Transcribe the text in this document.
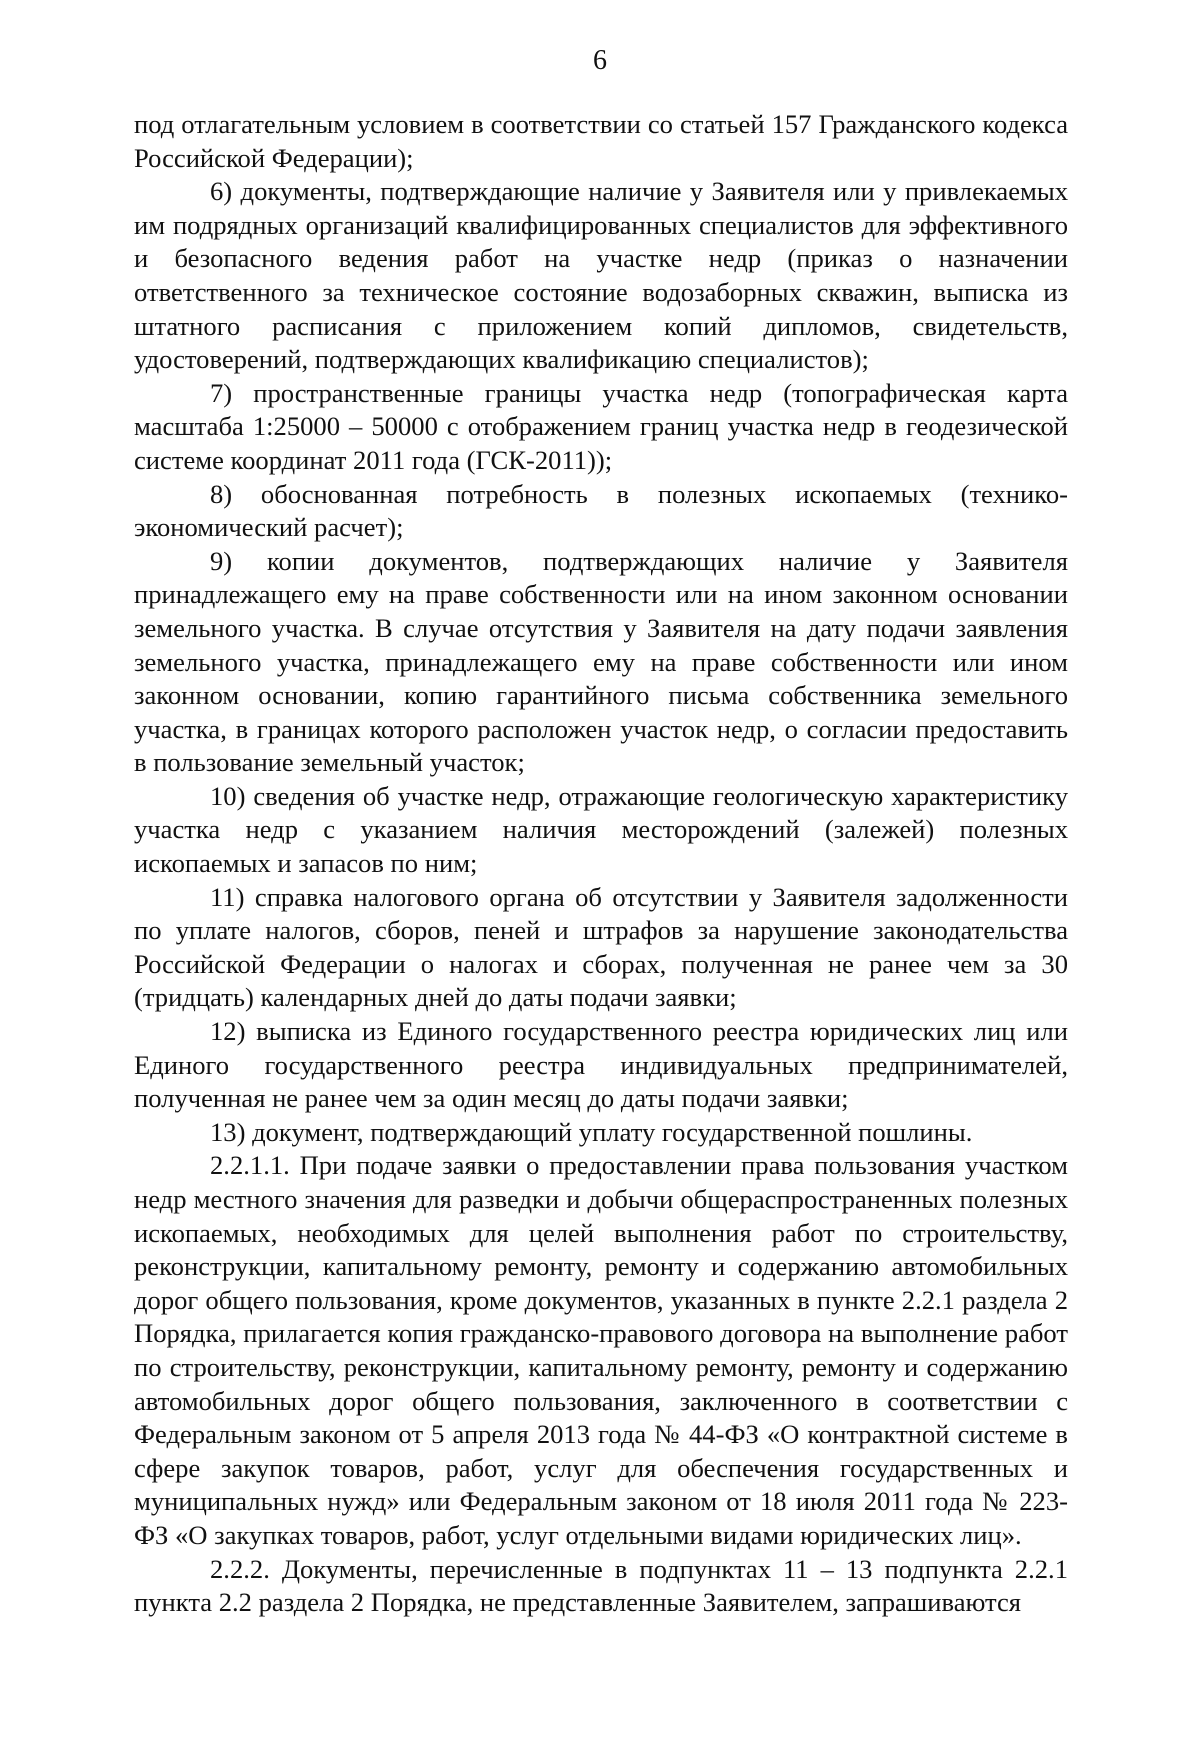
6

под отлагательным условием в соответствии со статьей 157 Гражданского кодекса Российской Федерации);

6) документы, подтверждающие наличие у Заявителя или у привлекаемых им подрядных организаций квалифицированных специалистов для эффективного и безопасного ведения работ на участке недр (приказ о назначении ответственного за техническое состояние водозаборных скважин, выписка из штатного расписания с приложением копий дипломов, свидетельств, удостоверений, подтверждающих квалификацию специалистов);

7) пространственные границы участка недр (топографическая карта масштаба 1:25000 – 50000 с отображением границ участка недр в геодезической системе координат 2011 года (ГСК-2011));

8) обоснованная потребность в полезных ископаемых (технико-экономический расчет);

9) копии документов, подтверждающих наличие у Заявителя принадлежащего ему на праве собственности или на ином законном основании земельного участка. В случае отсутствия у Заявителя на дату подачи заявления земельного участка, принадлежащего ему на праве собственности или ином законном основании, копию гарантийного письма собственника земельного участка, в границах которого расположен участок недр, о согласии предоставить в пользование земельный участок;

10) сведения об участке недр, отражающие геологическую характеристику участка недр с указанием наличия месторождений (залежей) полезных ископаемых и запасов по ним;

11) справка налогового органа об отсутствии у Заявителя задолженности по уплате налогов, сборов, пеней и штрафов за нарушение законодательства Российской Федерации о налогах и сборах, полученная не ранее чем за 30 (тридцать) календарных дней до даты подачи заявки;

12) выписка из Единого государственного реестра юридических лиц или Единого государственного реестра индивидуальных предпринимателей, полученная не ранее чем за один месяц до даты подачи заявки;

13) документ, подтверждающий уплату государственной пошлины.

2.2.1.1. При подаче заявки о предоставлении права пользования участком недр местного значения для разведки и добычи общераспространенных полезных ископаемых, необходимых для целей выполнения работ по строительству, реконструкции, капитальному ремонту, ремонту и содержанию автомобильных дорог общего пользования, кроме документов, указанных в пункте 2.2.1 раздела 2 Порядка, прилагается копия гражданско-правового договора на выполнение работ по строительству, реконструкции, капитальному ремонту, ремонту и содержанию автомобильных дорог общего пользования, заключенного в соответствии с Федеральным законом от 5 апреля 2013 года № 44-ФЗ «О контрактной системе в сфере закупок товаров, работ, услуг для обеспечения государственных и муниципальных нужд» или Федеральным законом от 18 июля 2011 года № 223-ФЗ «О закупках товаров, работ, услуг отдельными видами юридических лиц».

2.2.2. Документы, перечисленные в подпунктах 11 – 13 подпункта 2.2.1 пункта 2.2 раздела 2 Порядка, не представленные Заявителем, запрашиваются
